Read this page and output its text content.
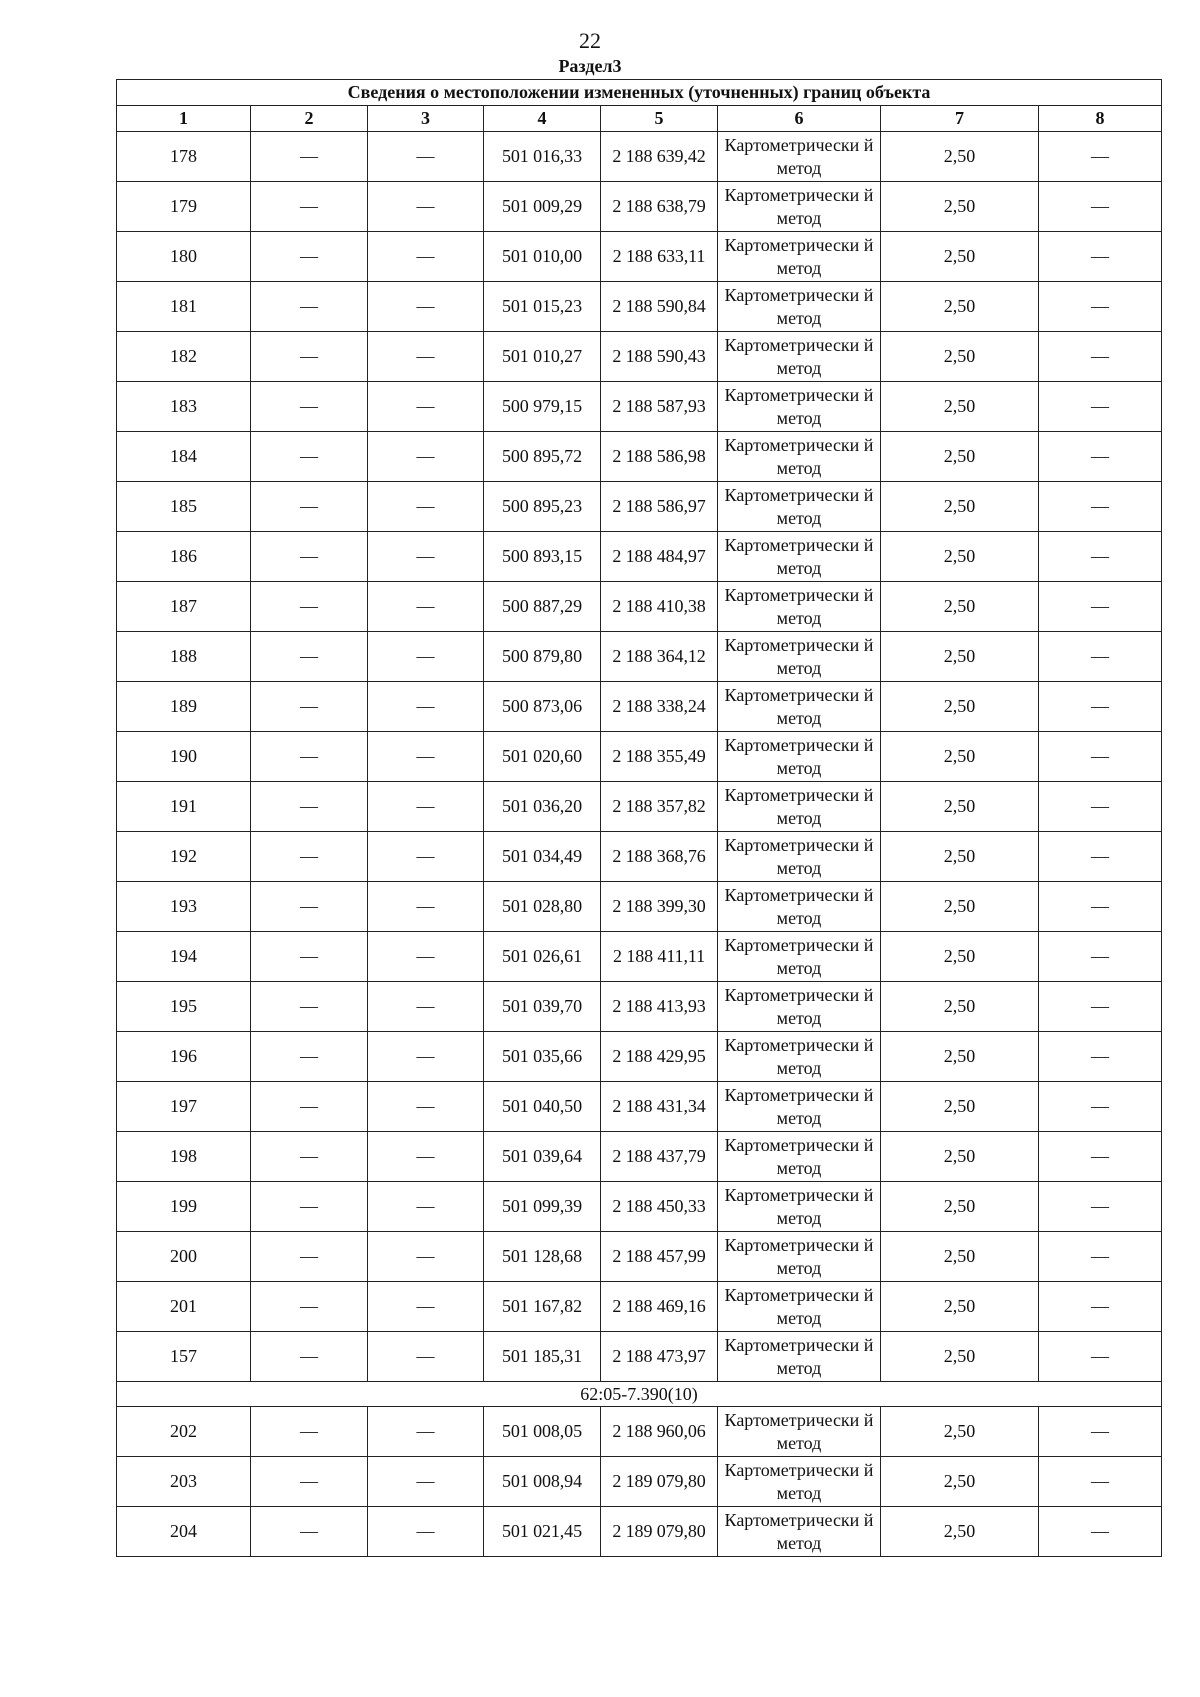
22
Раздел3
Сведения о местоположении измененных (уточненных) границ объекта							
1	2	3	4	5	6	7	8
178	—	—	501 016,33	2 188 639,42	Картометрически й метод	2,50	—
179	—	—	501 009,29	2 188 638,79	Картометрически й метод	2,50	—
180	—	—	501 010,00	2 188 633,11	Картометрически й метод	2,50	—
181	—	—	501 015,23	2 188 590,84	Картометрически й метод	2,50	—
182	—	—	501 010,27	2 188 590,43	Картометрически й метод	2,50	—
183	—	—	500 979,15	2 188 587,93	Картометрически й метод	2,50	—
184	—	—	500 895,72	2 188 586,98	Картометрически й метод	2,50	—
185	—	—	500 895,23	2 188 586,97	Картометрически й метод	2,50	—
186	—	—	500 893,15	2 188 484,97	Картометрически й метод	2,50	—
187	—	—	500 887,29	2 188 410,38	Картометрически й метод	2,50	—
188	—	—	500 879,80	2 188 364,12	Картометрически й метод	2,50	—
189	—	—	500 873,06	2 188 338,24	Картометрически й метод	2,50	—
190	—	—	501 020,60	2 188 355,49	Картометрически й метод	2,50	—
191	—	—	501 036,20	2 188 357,82	Картометрически й метод	2,50	—
192	—	—	501 034,49	2 188 368,76	Картометрически й метод	2,50	—
193	—	—	501 028,80	2 188 399,30	Картометрически й метод	2,50	—
194	—	—	501 026,61	2 188 411,11	Картометрически й метод	2,50	—
195	—	—	501 039,70	2 188 413,93	Картометрически й метод	2,50	—
196	—	—	501 035,66	2 188 429,95	Картометрически й метод	2,50	—
197	—	—	501 040,50	2 188 431,34	Картометрически й метод	2,50	—
198	—	—	501 039,64	2 188 437,79	Картометрически й метод	2,50	—
199	—	—	501 099,39	2 188 450,33	Картометрически й метод	2,50	—
200	—	—	501 128,68	2 188 457,99	Картометрически й метод	2,50	—
201	—	—	501 167,82	2 188 469,16	Картометрически й метод	2,50	—
157	—	—	501 185,31	2 188 473,97	Картометрически й метод	2,50	—
62:05-7.390(10)							
202	—	—	501 008,05	2 188 960,06	Картометрически й метод	2,50	—
203	—	—	501 008,94	2 189 079,80	Картометрически й метод	2,50	—
204	—	—	501 021,45	2 189 079,80	Картометрически й метод	2,50	—
